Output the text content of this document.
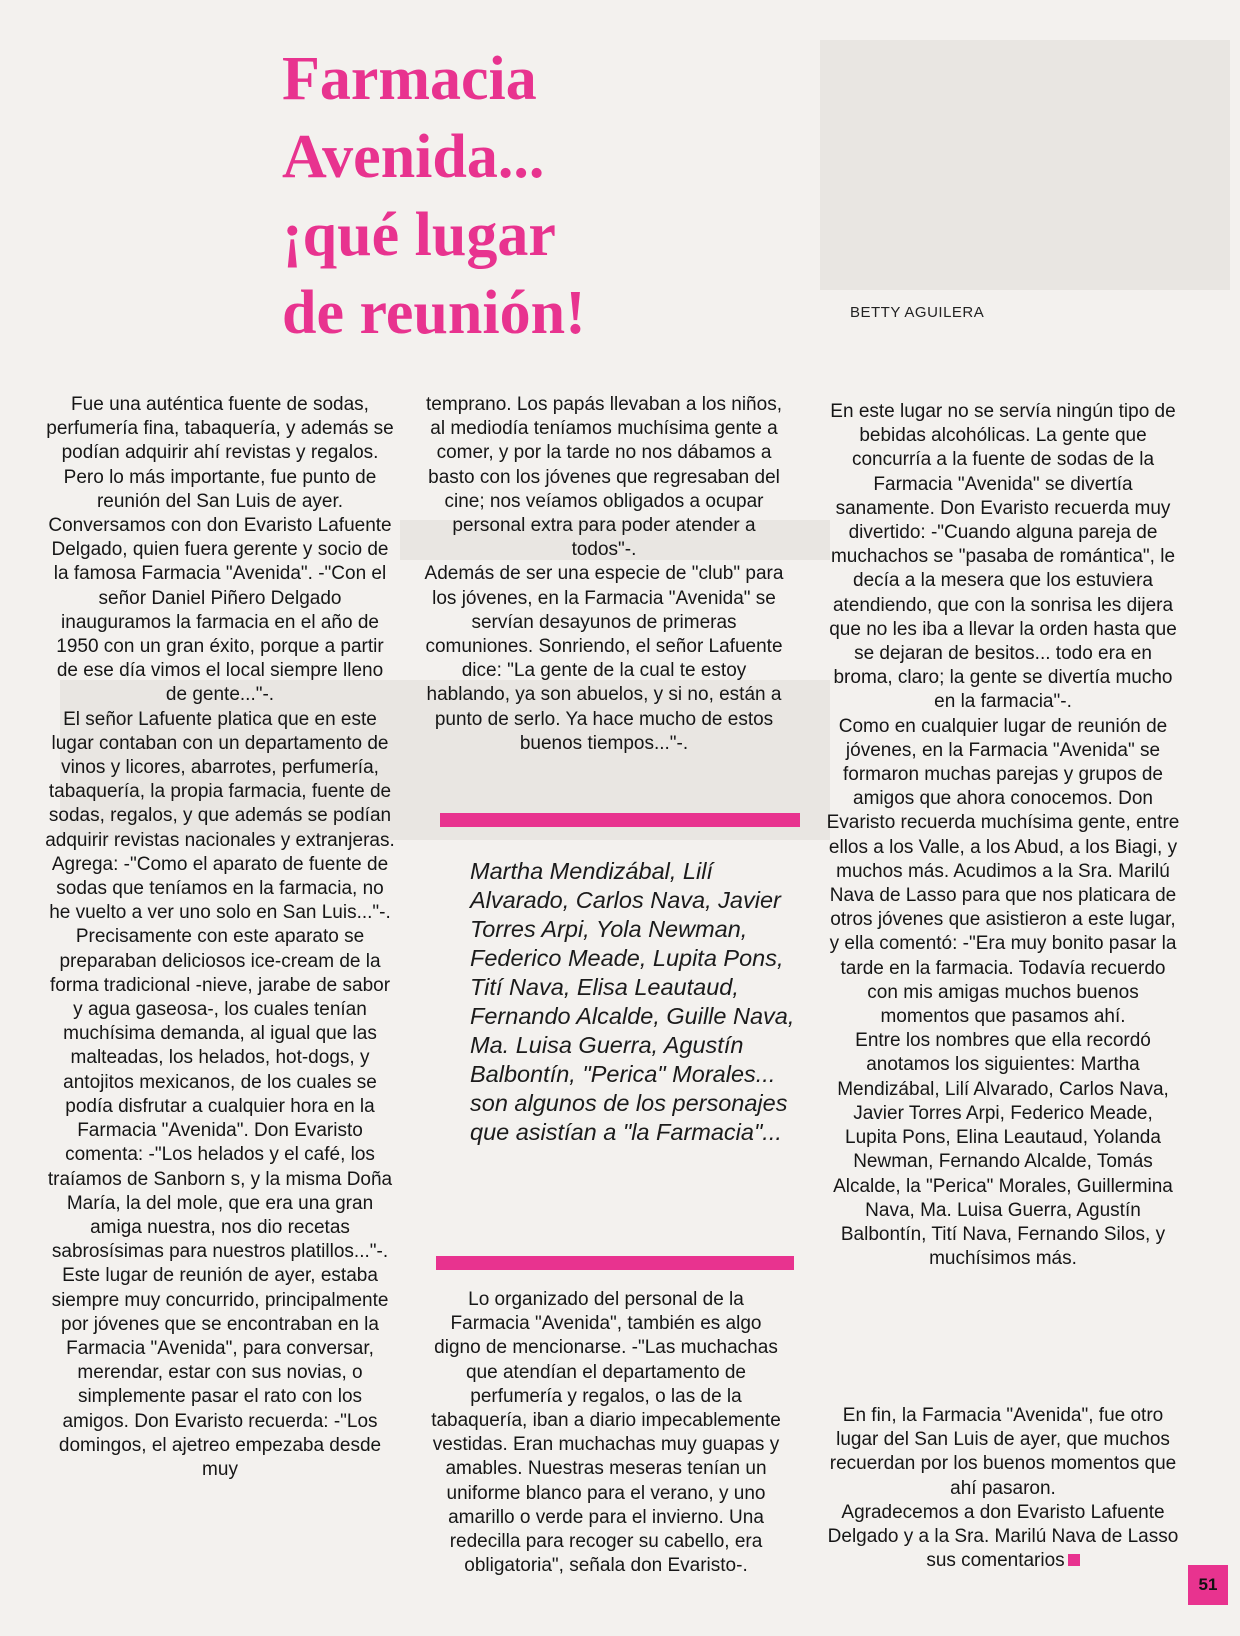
Farmacia
Avenida...
¡qué lugar
de reunión!	BETTY AGUILERA

Fue una auténtica fuente de sodas, perfumería fina, tabaquería, y además se podían adquirir ahí revistas y regalos. Pero lo más importante, fue punto de reunión del San Luis de ayer. Conversamos con don Evaristo Lafuente Delgado, quien fuera gerente y socio de la famosa Farmacia "Avenida". -"Con el señor Daniel Piñero Delgado inauguramos la farmacia en el año de 1950 con un gran éxito, porque a partir de ese día vimos el local siempre lleno de gente..."-.

El señor Lafuente platica que en este lugar contaban con un departamento de vinos y licores, abarrotes, perfumería, tabaquería, la propia farmacia, fuente de sodas, regalos, y que además se podían adquirir revistas nacionales y extranjeras. Agrega: -"Como el aparato de fuente de sodas que teníamos en la farmacia, no he vuelto a ver uno solo en San Luis..."-.

Precisamente con este aparato se preparaban deliciosos ice-cream de la forma tradicional -nieve, jarabe de sabor y agua gaseosa-, los cuales tenían muchísima demanda, al igual que las malteadas, los helados, hot-dogs, y antojitos mexicanos, de los cuales se podía disfrutar a cualquier hora en la Farmacia "Avenida". Don Evaristo comenta: -"Los helados y el café, los traíamos de Sanborn s, y la misma Doña María, la del mole, que era una gran amiga nuestra, nos dio recetas sabrosísimas para nuestros platillos..."-.

Este lugar de reunión de ayer, estaba siempre muy concurrido, principalmente por jóvenes que se encontraban en la Farmacia "Avenida", para conversar, merendar, estar con sus novias, o simplemente pasar el rato con los amigos. Don Evaristo recuerda: -"Los domingos, el ajetreo empezaba desde muy

temprano. Los papás llevaban a los niños, al mediodía teníamos muchísima gente a comer, y por la tarde no nos dábamos a basto con los jóvenes que regresaban del cine; nos veíamos obligados a ocupar personal extra para poder atender a todos"-.

Además de ser una especie de "club" para los jóvenes, en la Farmacia "Avenida" se servían desayunos de primeras comuniones. Sonriendo, el señor Lafuente dice: "La gente de la cual te estoy hablando, ya son abuelos, y si no, están a punto de serlo. Ya hace mucho de estos buenos tiempos..."-.

Martha Mendizábal, Lilí Alvarado, Carlos Nava, Javier Torres Arpi, Yola Newman, Federico Meade, Lupita Pons, Tití Nava, Elisa Leautaud, Fernando Alcalde, Guille Nava, Ma. Luisa Guerra, Agustín Balbontín, "Perica" Morales... son algunos de los personajes que asistían a "la Farmacia"...

Lo organizado del personal de la Farmacia "Avenida", también es algo digno de mencionarse. -"Las muchachas que atendían el departamento de perfumería y regalos, o las de la tabaquería, iban a diario impecablemente vestidas. Eran muchachas muy guapas y amables. Nuestras meseras tenían un uniforme blanco para el verano, y uno amarillo o verde para el invierno. Una redecilla para recoger su cabello, era obligatoria", señala don Evaristo-.

En este lugar no se servía ningún tipo de bebidas alcohólicas. La gente que concurría a la fuente de sodas de la Farmacia "Avenida" se divertía sanamente. Don Evaristo recuerda muy divertido: -"Cuando alguna pareja de muchachos se "pasaba de romántica", le decía a la mesera que los estuviera atendiendo, que con la sonrisa les dijera que no les iba a llevar la orden hasta que se dejaran de besitos... todo era en broma, claro; la gente se divertía mucho en la farmacia"-.

Como en cualquier lugar de reunión de jóvenes, en la Farmacia "Avenida" se formaron muchas parejas y grupos de amigos que ahora conocemos. Don Evaristo recuerda muchísima gente, entre ellos a los Valle, a los Abud, a los Biagi, y muchos más. Acudimos a la Sra. Marilú Nava de Lasso para que nos platicara de otros jóvenes que asistieron a este lugar, y ella comentó: -"Era muy bonito pasar la tarde en la farmacia. Todavía recuerdo con mis amigas muchos buenos momentos que pasamos ahí.

Entre los nombres que ella recordó anotamos los siguientes: Martha Mendizábal, Lilí Alvarado, Carlos Nava, Javier Torres Arpi, Federico Meade, Lupita Pons, Elina Leautaud, Yolanda Newman, Fernando Alcalde, Tomás Alcalde, la "Perica" Morales, Guillermina Nava, Ma. Luisa Guerra, Agustín Balbontín, Tití Nava, Fernando Silos, y muchísimos más.

En fin, la Farmacia "Avenida", fue otro lugar del San Luis de ayer, que muchos recuerdan por los buenos momentos que ahí pasaron.

Agradecemos a don Evaristo Lafuente Delgado y a la Sra. Marilú Nava de Lasso sus comentarios

51
